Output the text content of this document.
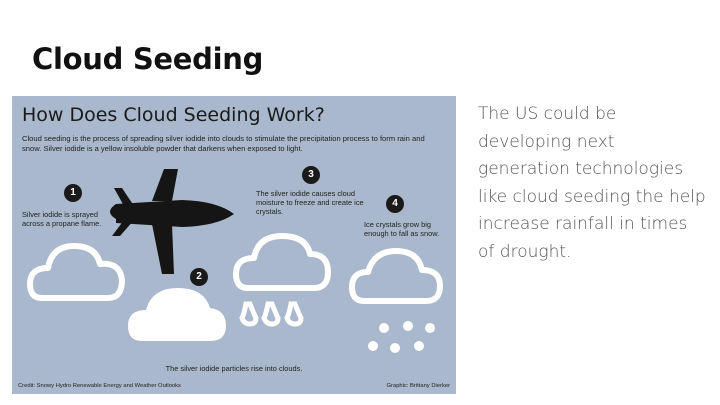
Cloud Seeding
How Does Cloud Seeding Work?
Cloud seeding is the process of spreading silver iodide into clouds to stimulate the precipitation process to form rain and snow. Silver iodide is a yellow insoluble powder that darkens when exposed to light.
1
Silver iodide is sprayed across a propane flame.
2
The silver iodide particles rise into clouds.
3
The silver iodide causes cloud moisture to freeze and create ice crystals.
4
Ice crystals grow big enough to fall as snow.
Credit: Snowy Hydro Renewable Energy and Weather Outlooks	Graphic: Brittany Dierker
The US could be developing next generation technologies like cloud seeding the help increase rainfall in times of drought.
